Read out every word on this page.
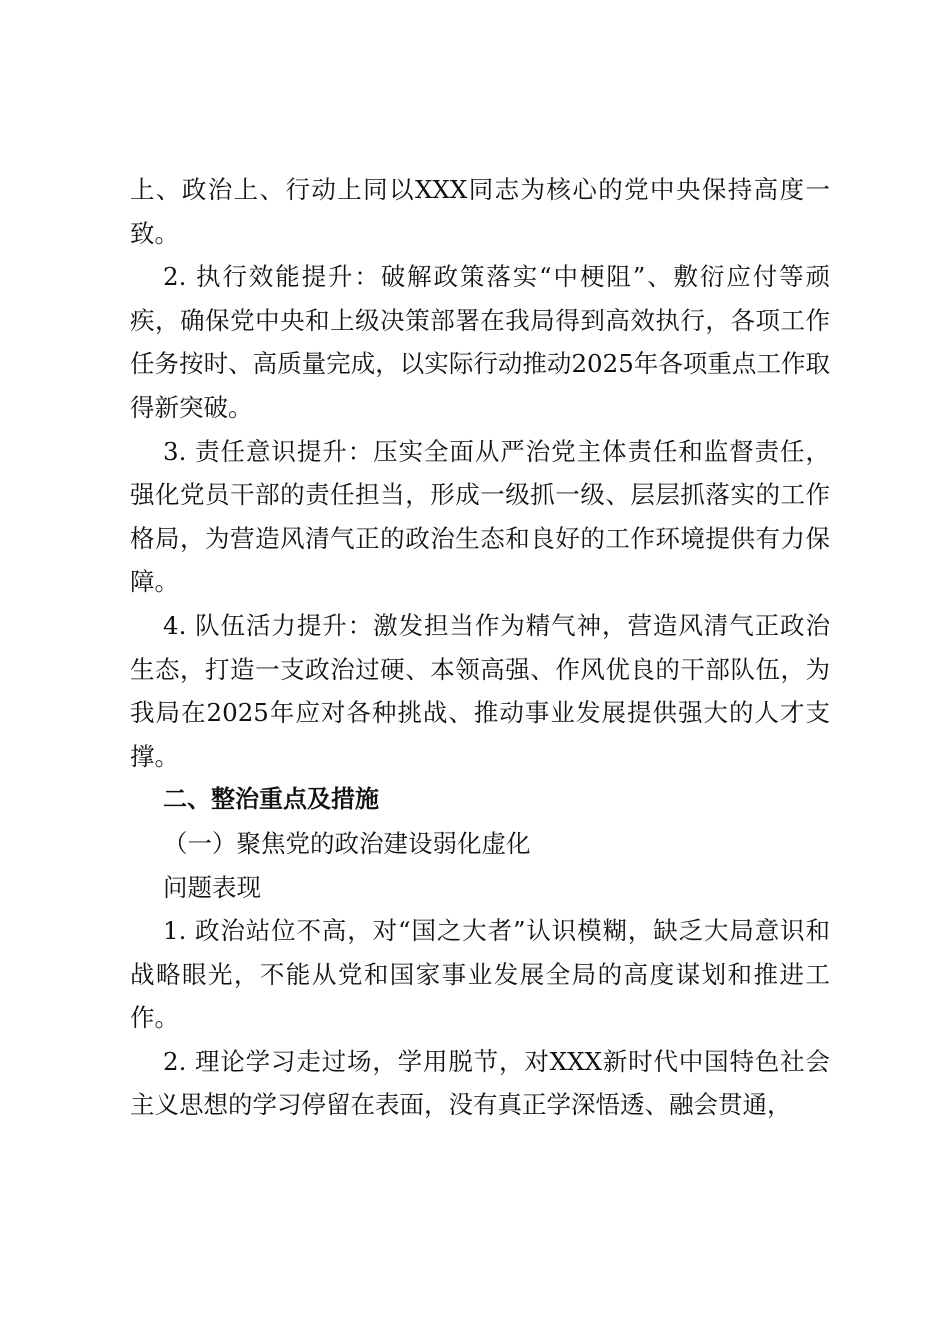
上、政治上、行动上同以XXX同志为核心的党中央保持高度一致。

2. 执行效能提升：破解政策落实“中梗阻”、敷衍应付等顽疾，确保党中央和上级决策部署在我局得到高效执行，各项工作任务按时、高质量完成，以实际行动推动2025年各项重点工作取得新突破。

3. 责任意识提升：压实全面从严治党主体责任和监督责任，强化党员干部的责任担当，形成一级抓一级、层层抓落实的工作格局，为营造风清气正的政治生态和良好的工作环境提供有力保障。

4. 队伍活力提升：激发担当作为精气神，营造风清气正政治生态，打造一支政治过硬、本领高强、作风优良的干部队伍，为我局在2025年应对各种挑战、推动事业发展提供强大的人才支撑。

二、整治重点及措施

（一）聚焦党的政治建设弱化虚化

问题表现

1. 政治站位不高，对“国之大者”认识模糊，缺乏大局意识和战略眼光，不能从党和国家事业发展全局的高度谋划和推进工作。

2. 理论学习走过场，学用脱节，对XXX新时代中国特色社会主义思想的学习停留在表面，没有真正学深悟透、融会贯通，
